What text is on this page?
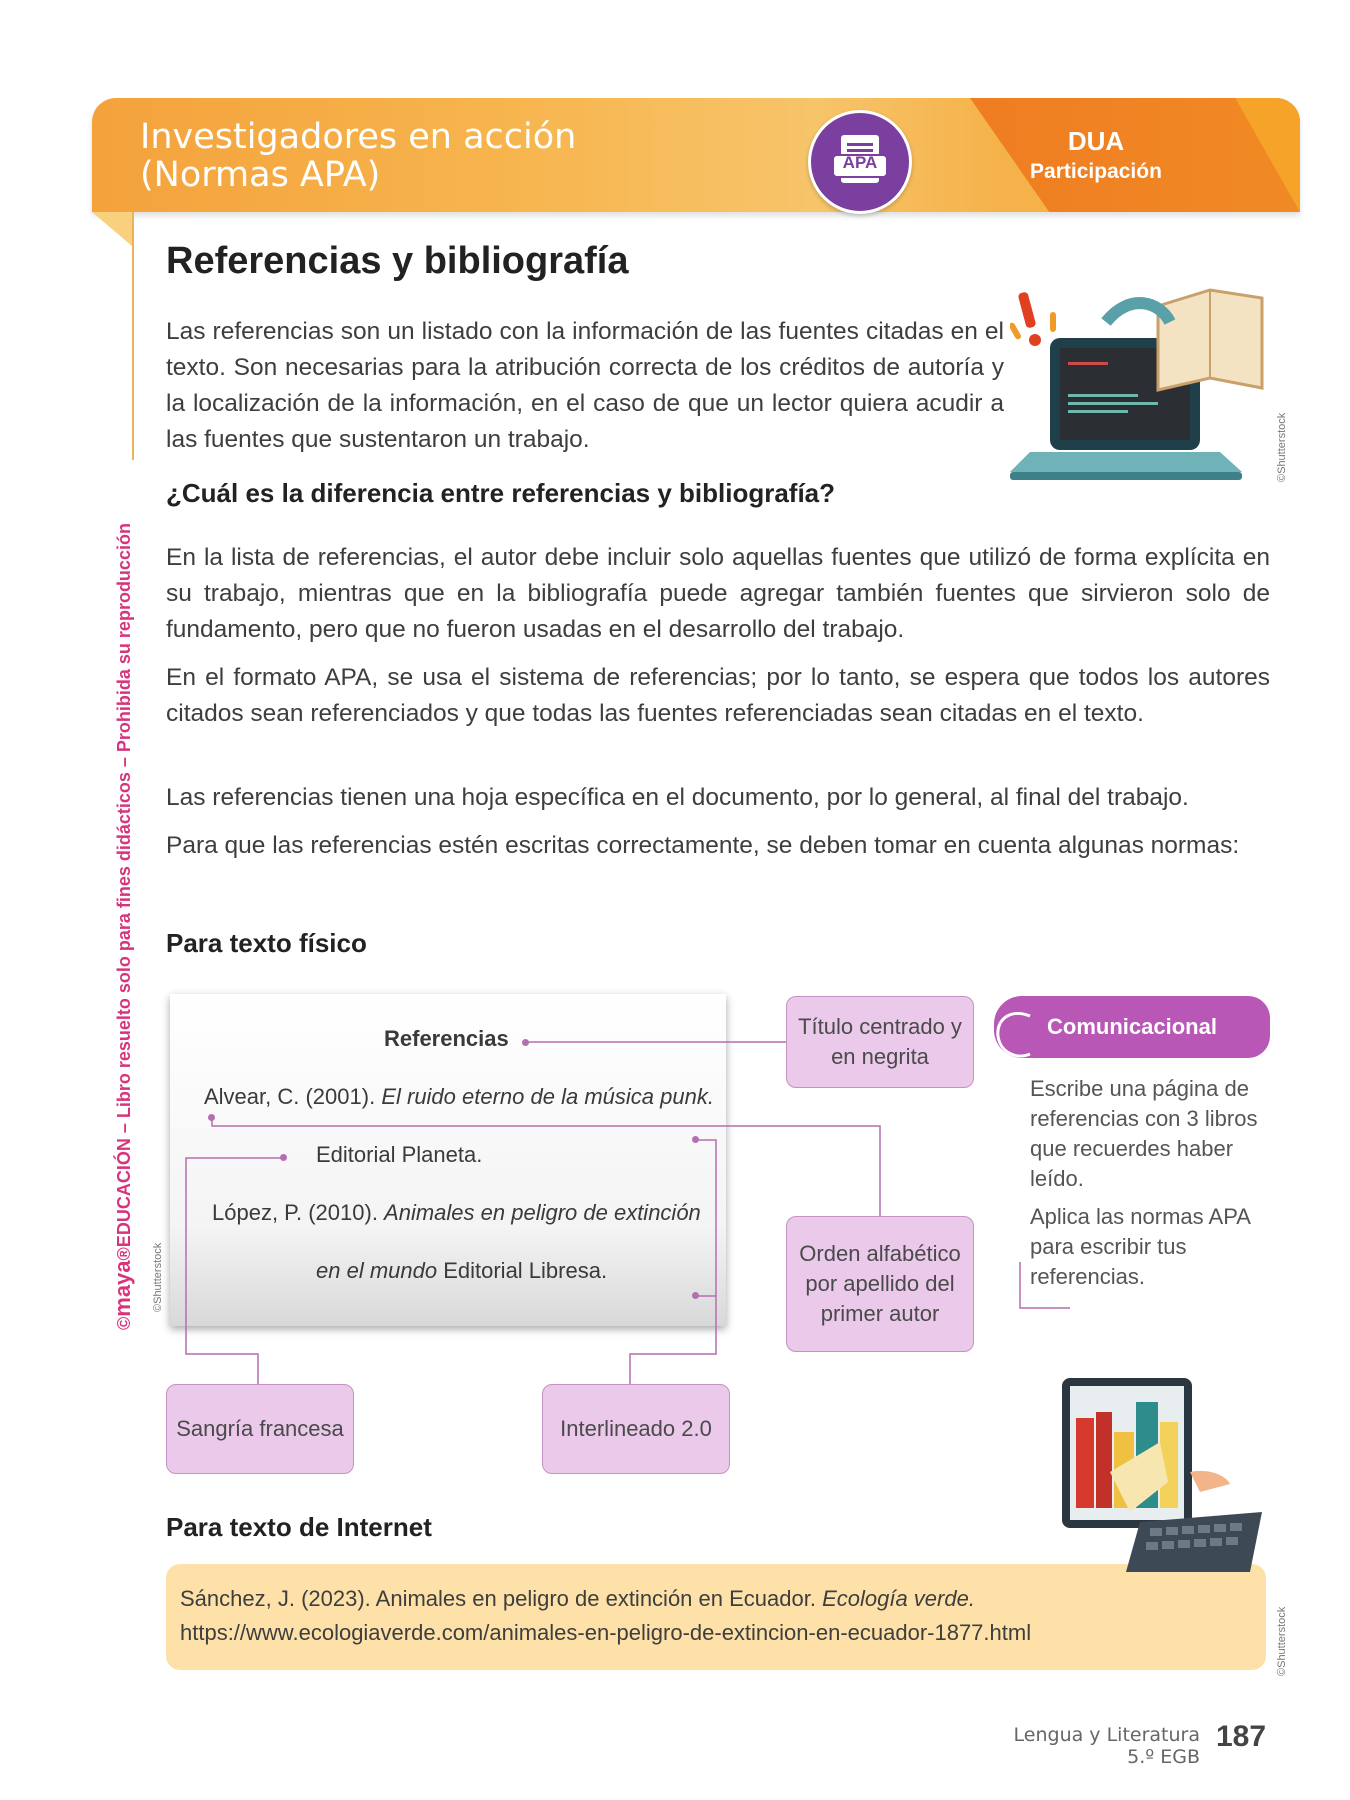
Investigadores en acción
(Normas APA)
DUA
Participación
APA
©maya®EDUCACIÓN – Libro resuelto solo para fines didácticos – Prohibida su reproducción
Referencias y bibliografía

Las referencias son un listado con la información de las fuentes citadas en el texto. Son necesarias para la atribución correcta de los créditos de autoría y la localización de la información, en el caso de que un lector quiera acudir a las fuentes que sustentaron un trabajo.	©Shutterstock
¿Cuál es la diferencia entre referencias y bibliografía?

En la lista de referencias, el autor debe incluir solo aquellas fuentes que utilizó de forma explícita en su trabajo, mientras que en la bibliografía puede agregar también fuentes que sirvieron solo de fundamento, pero que no fueron usadas en el desarrollo del trabajo.

En el formato APA, se usa el sistema de referencias; por lo tanto, se espera que todos los autores citados sean referenciados y que todas las fuentes referenciadas sean citadas en el texto.

Las referencias tienen una hoja específica en el documento, por lo general, al final del trabajo.

Para que las referencias estén escritas correctamente, se deben tomar en cuenta algunas normas:

Para texto físico
Referencias
Alvear, C. (2001). El ruido eterno de la música punk.
Editorial Planeta.
López, P. (2010). Animales en peligro de extinción
en el mundo Editorial Libresa.
©Shutterstock
Título centrado y en negrita
Orden alfabético por apellido del primer autor
Sangría francesa	Interlineado 2.0
Comunicacional

Escribe una página de referencias con 3 libros que recuerdes haber leído.

Aplica las normas APA para escribir tus referencias.

Para texto de Internet
Sánchez, J. (2023). Animales en peligro de extinción en Ecuador. Ecología verde.
https://www.ecologiaverde.com/animales-en-peligro-de-extincion-en-ecuador-1877.html	©Shutterstock
Lengua y Literatura
5.º EGB
187
